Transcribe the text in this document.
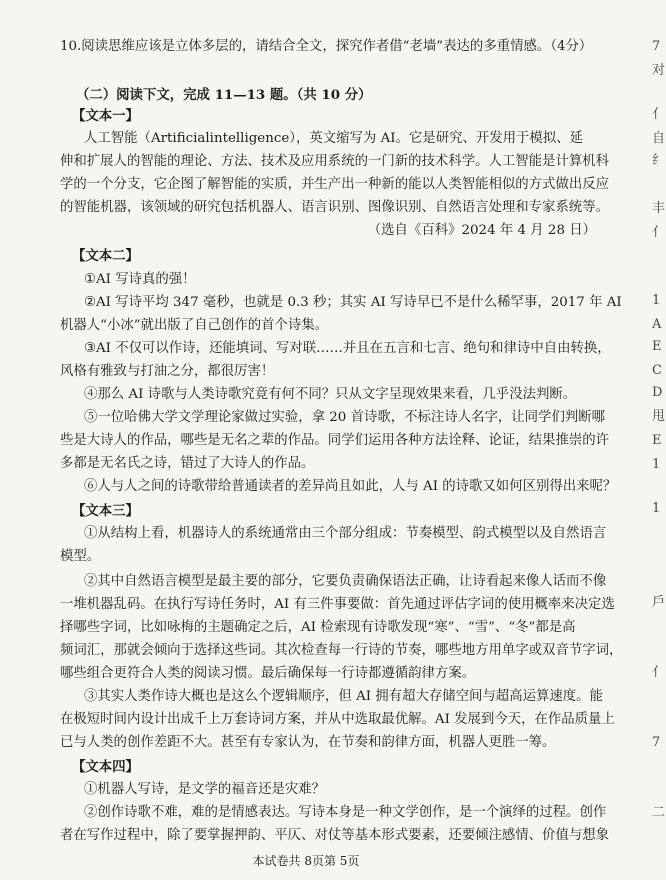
10.阅读思维应该是立体多层的，请结合全文，探究作者借“老墙”表达的多重情感。（4分）
（二）阅读下文，完成 11—13 题。（共 10 分）
【文本一】
人工智能（Artificialintelligence），英文缩写为 AI。它是研究、开发用于模拟、延
伸和扩展人的智能的理论、方法、技术及应用系统的一门新的技术科学。人工智能是计算机科
学的一个分支，它企图了解智能的实质，并生产出一种新的能以人类智能相似的方式做出反应
的智能机器，该领域的研究包括机器人、语言识别、图像识别、自然语言处理和专家系统等。
（选自《百科》2024 年 4 月 28 日）
【文本二】
①AI 写诗真的强！
②AI 写诗平均 347 毫秒，也就是 0.3 秒；其实 AI 写诗早已不是什么稀罕事，2017 年 AI
机器人“小冰”就出版了自己创作的首个诗集。
③AI 不仅可以作诗，还能填词、写对联……并且在五言和七言、绝句和律诗中自由转换，
风格有雅致与打油之分，都很厉害！
④那么 AI 诗歌与人类诗歌究竟有何不同？只从文字呈现效果来看，几乎没法判断。
⑤一位哈佛大学文学理论家做过实验，拿 20 首诗歌，不标注诗人名字，让同学们判断哪
些是大诗人的作品，哪些是无名之辈的作品。同学们运用各种方法诠释、论证，结果推崇的许
多都是无名氏之诗，错过了大诗人的作品。
⑥人与人之间的诗歌带给普通读者的差异尚且如此，人与 AI 的诗歌又如何区别得出来呢？
【文本三】
①从结构上看，机器诗人的系统通常由三个部分组成：节奏模型、韵式模型以及自然语言
模型。
②其中自然语言模型是最主要的部分，它要负责确保语法正确，让诗看起来像人话而不像
一堆机器乱码。在执行写诗任务时，AI 有三件事要做：首先通过评估字词的使用概率来决定选
择哪些字词，比如咏梅的主题确定之后，AI 检索现有诗歌发现“寒”、“雪”、“冬”都是高
频词汇，那就会倾向于选择这些词。其次检查每一行诗的节奏，哪些地方用单字或双音节字词，
哪些组合更符合人类的阅读习惯。最后确保每一行诗都遵循韵律方案。
③其实人类作诗大概也是这么个逻辑顺序，但 AI 拥有超大存储空间与超高运算速度。能
在极短时间内设计出成千上万套诗词方案，并从中选取最优解。AI 发展到今天，在作品质量上
已与人类的创作差距不大。甚至有专家认为，在节奏和韵律方面，机器人更胜一筹。
【文本四】
①机器人写诗，是文学的福音还是灾难？
②创作诗歌不难，难的是情感表达。写诗本身是一种文学创作，是一个演绎的过程。创作
者在写作过程中，除了要掌握押韵、平仄、对仗等基本形式要素，还要倾注感情、价值与想象
本试卷共 8页第 5页
7
对
亻
自
纟
丰
亻
1
A
E
C
D
甩
E
1
1
戶
亻
7
二
